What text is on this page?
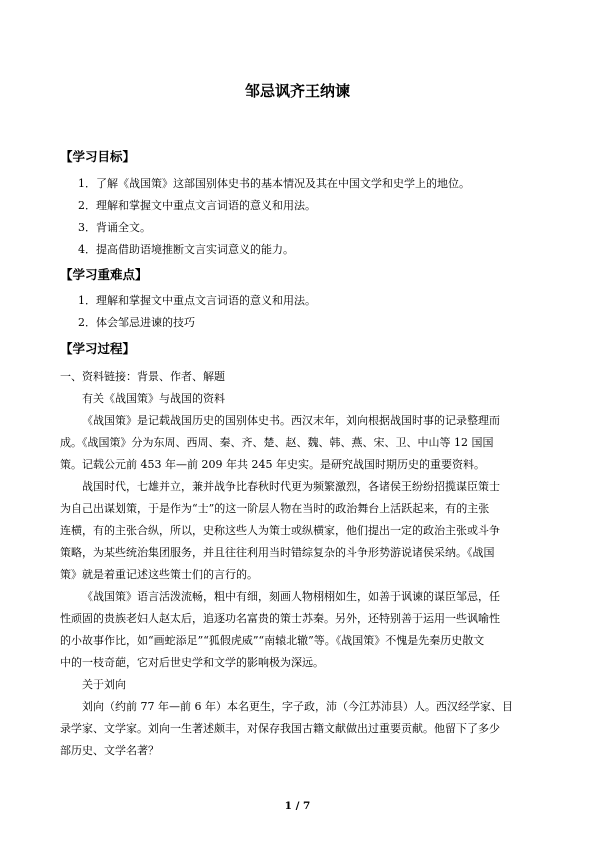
邹忌讽齐王纳谏
【学习目标】
1．了解《战国策》这部国别体史书的基本情况及其在中国文学和史学上的地位。
2．理解和掌握文中重点文言词语的意义和用法。
3．背诵全文。
4．提高借助语境推断文言实词意义的能力。
【学习重难点】
1．理解和掌握文中重点文言词语的意义和用法。
2．体会邹忌进谏的技巧
【学习过程】
一、资料链接：背景、作者、解题
有关《战国策》与战国的资料
《战国策》是记载战国历史的国别体史书。西汉末年，刘向根据战国时事的记录整理而
成。《战国策》分为东周、西周、秦、齐、楚、赵、魏、韩、燕、宋、卫、中山等 12 国国
策。记载公元前 453 年—前 209 年共 245 年史实。是研究战国时期历史的重要资料。
战国时代，七雄并立，兼并战争比春秋时代更为频繁激烈，各诸侯王纷纷招揽谋臣策士
为自己出谋划策，于是作为“士”的这一阶层人物在当时的政治舞台上活跃起来，有的主张
连横，有的主张合纵，所以，史称这些人为策士或纵横家，他们提出一定的政治主张或斗争
策略，为某些统治集团服务，并且往往利用当时错综复杂的斗争形势游说诸侯采纳。《战国
策》就是着重记述这些策士们的言行的。
《战国策》语言活泼流畅，粗中有细，刻画人物栩栩如生，如善于讽谏的谋臣邹忌，任
性顽固的贵族老妇人赵太后，追逐功名富贵的策士苏秦。另外，还特别善于运用一些讽喻性
的小故事作比，如“画蛇添足”“狐假虎威”“南辕北辙”等。《战国策》不愧是先秦历史散文
中的一枝奇葩，它对后世史学和文学的影响极为深远。
关于刘向
刘向（约前 77 年—前 6 年）本名更生，字子政，沛（今江苏沛县）人。西汉经学家、目
录学家、文学家。刘向一生著述颇丰，对保存我国古籍文献做出过重要贡献。他留下了多少
部历史、文学名著？
1 / 7
